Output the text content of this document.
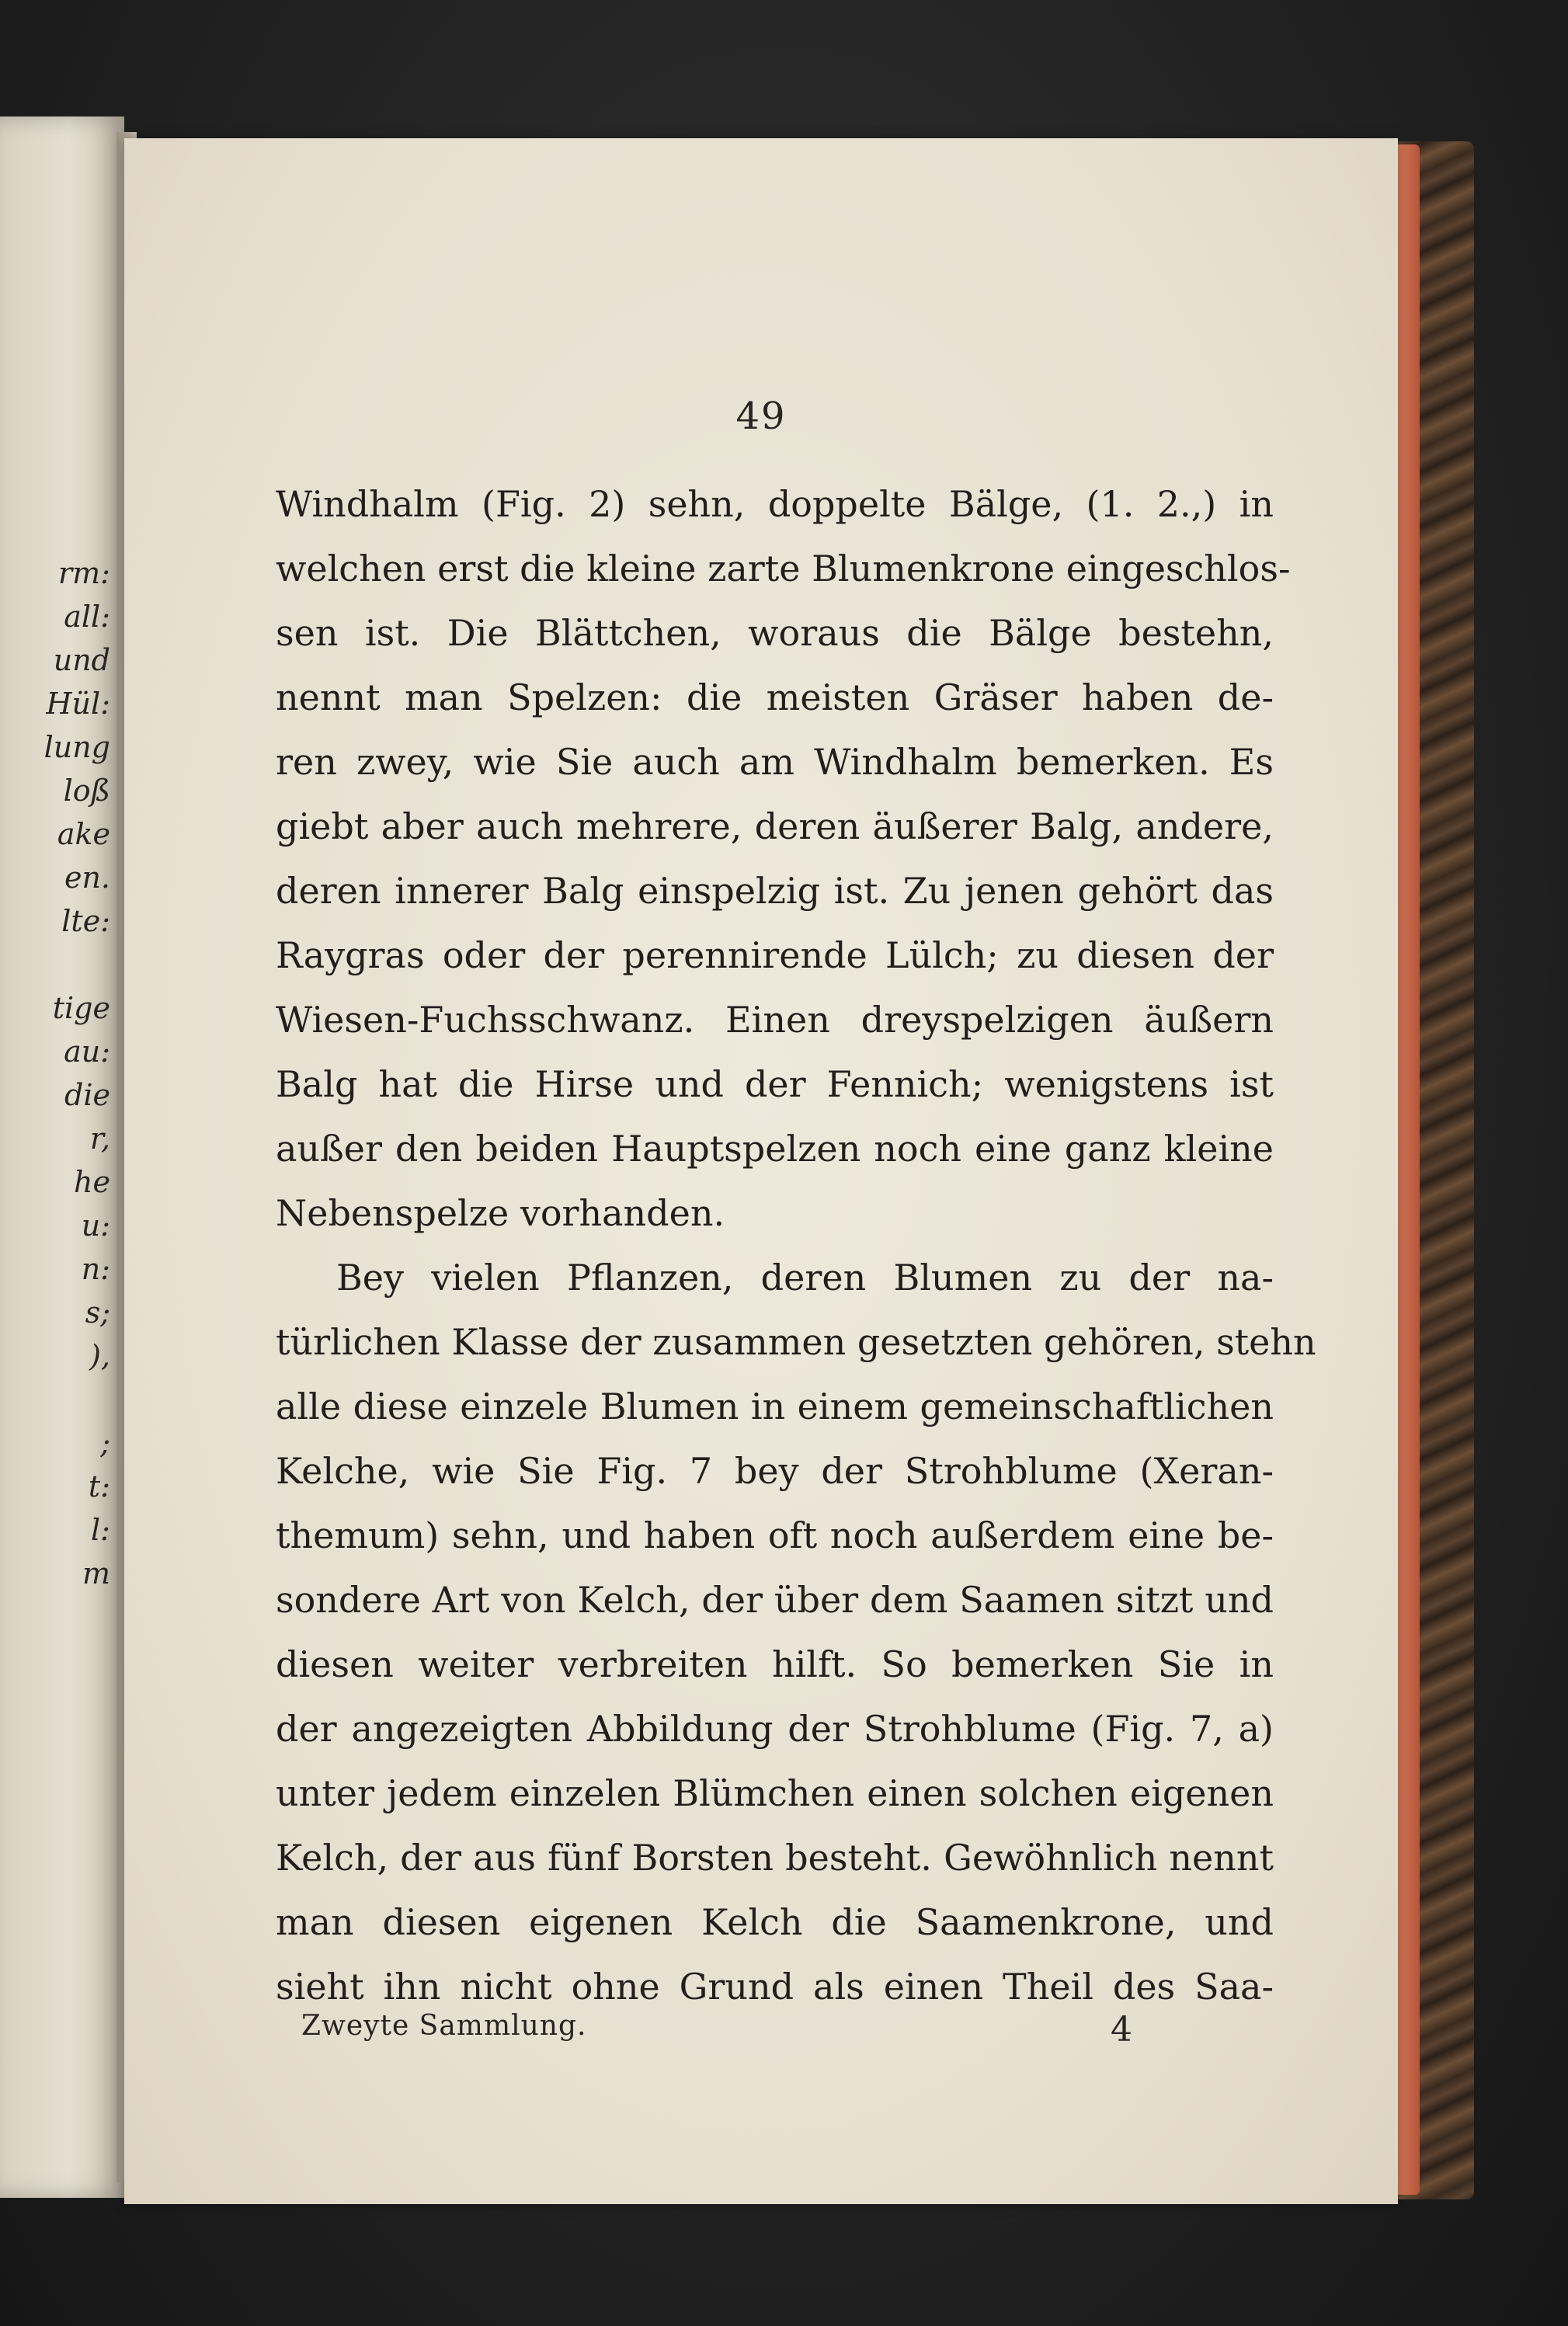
rm:
all:
und
Hül:
lung
loß
ake
en.
lte:
tige
au:
die
r,
he
u:
n:
s;
),
;
t:
l:
m
49
Windhalm (Fig. 2) sehn, doppelte Bälge, (1. 2.,) in
welchen erst die kleine zarte Blumenkrone eingeschlos-
sen ist. Die Blättchen, woraus die Bälge bestehn,
nennt man Spelzen: die meisten Gräser haben de-
ren zwey, wie Sie auch am Windhalm bemerken. Es
giebt aber auch mehrere, deren äußerer Balg, andere,
deren innerer Balg einspelzig ist. Zu jenen gehört das
Raygras oder der perennirende Lülch; zu diesen der
Wiesen-Fuchsschwanz. Einen dreyspelzigen äußern
Balg hat die Hirse und der Fennich; wenigstens ist
außer den beiden Hauptspelzen noch eine ganz kleine
Nebenspelze vorhanden.
Bey vielen Pflanzen, deren Blumen zu der na-
türlichen Klasse der zusammen gesetzten gehören, stehn
alle diese einzele Blumen in einem gemeinschaftlichen
Kelche, wie Sie Fig. 7 bey der Strohblume (Xeran-
themum) sehn, und haben oft noch außerdem eine be-
sondere Art von Kelch, der über dem Saamen sitzt und
diesen weiter verbreiten hilft. So bemerken Sie in
der angezeigten Abbildung der Strohblume (Fig. 7, a)
unter jedem einzelen Blümchen einen solchen eigenen
Kelch, der aus fünf Borsten besteht. Gewöhnlich nennt
man diesen eigenen Kelch die Saamenkrone, und
sieht ihn nicht ohne Grund als einen Theil des Saa-
Zweyte Sammlung.	4
